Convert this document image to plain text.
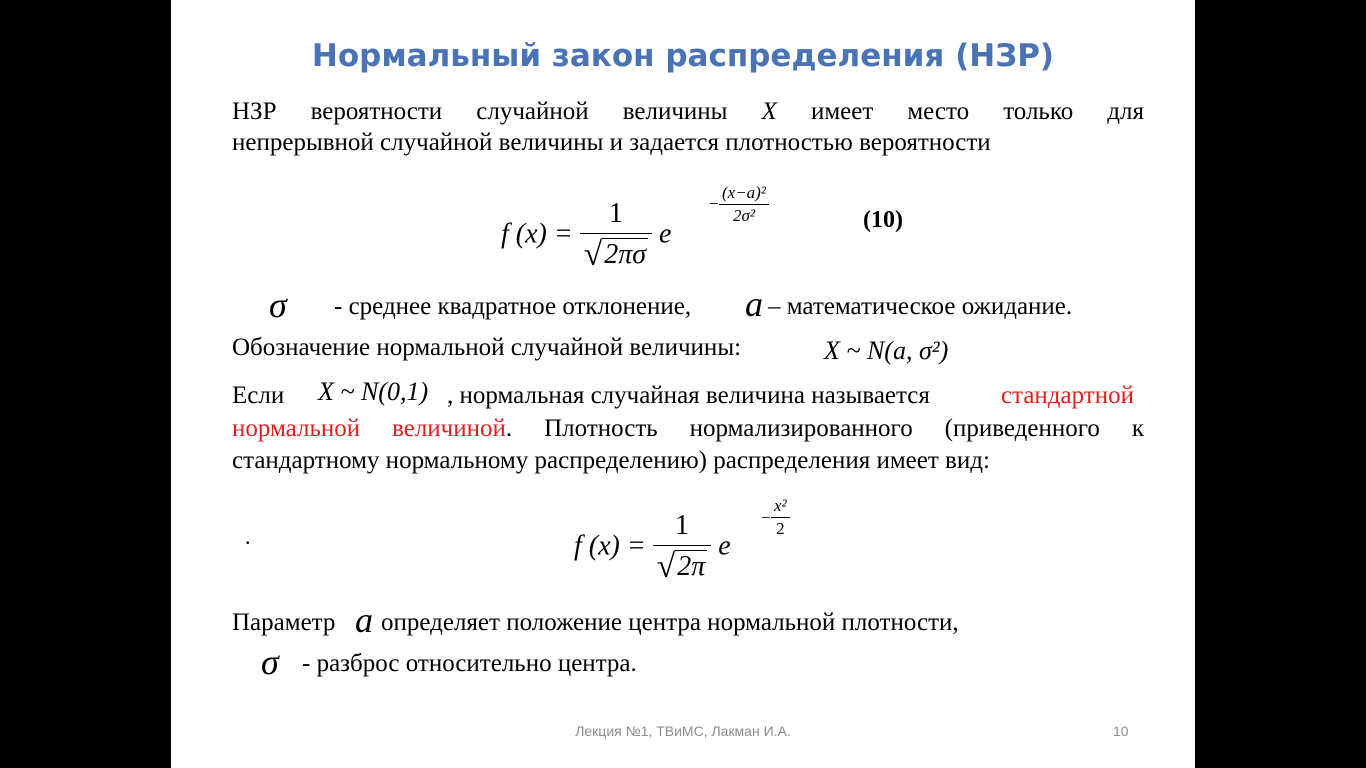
Нормальный закон распределения (НЗР)
НЗР вероятности случайной величины X имеет место только для
непрерывной случайной величины и задается плотностью вероятности
f $(x) = \frac{1}{√2\pi\sigma}$ e
− $\frac{\text{(x−a)²}}{\text{2σ²}}$	(10)
σ - среднее квадратное отклонение, a – математическое ожидание.
Обозначение нормальной случайной величины:	X ~ N(a, σ²)
Если X ~ N(0,1) , нормальная случайная величина называется	стандартной
нормальной величиной. Плотность нормализированного (приведенного к
стандартному нормальному распределению) распределения имеет вид:
.	f $(x) = \frac{1}{√2\pi}$ e
− $\frac{\text{x²}}{2}$
Параметр a определяет положение центра нормальной плотности,
σ - разброс относительно центра.
Лекция №1, ТВиМС, Лакман И.А.	10
